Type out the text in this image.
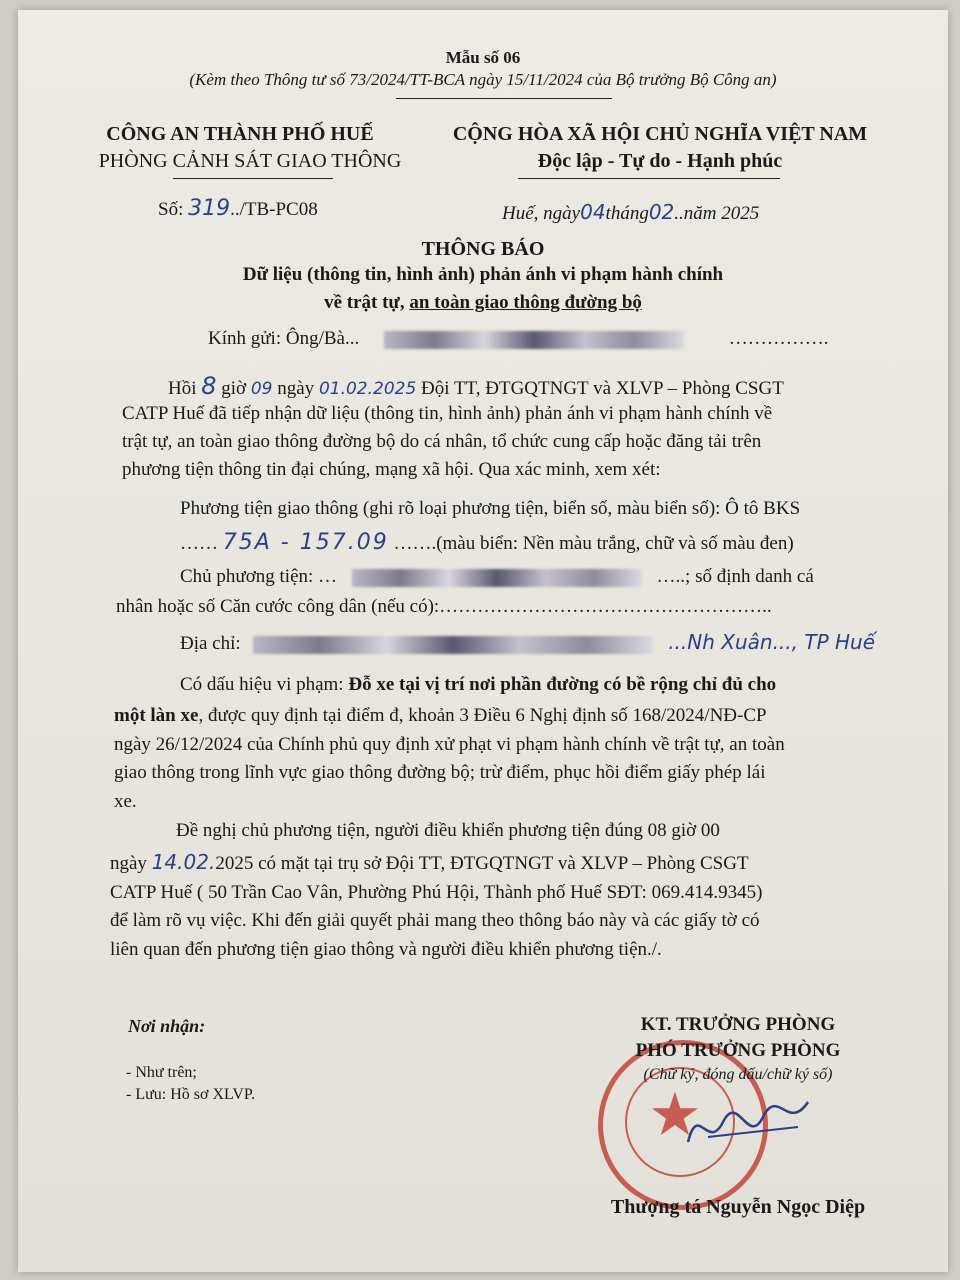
Mẫu số 06
(Kèm theo Thông tư số 73/2024/TT-BCA ngày 15/11/2024 của Bộ trưởng Bộ Công an)
CÔNG AN THÀNH PHỐ HUẾ
PHÒNG CẢNH SÁT GIAO THÔNG
Số: 319../TB-PC08
CỘNG HÒA XÃ HỘI CHỦ NGHĨA VIỆT NAM
Độc lập - Tự do - Hạnh phúc
Huế, ngày04tháng02..năm 2025
THÔNG BÁO
Dữ liệu (thông tin, hình ảnh) phản ánh vi phạm hành chính
về trật tự, an toàn giao thông đường bộ
Kính gửi: Ông/Bà...	…………….
Hồi 8 giờ 09 ngày 01.02.2025 Đội TT, ĐTGQTNGT và XLVP – Phòng CSGT
CATP Huế đã tiếp nhận dữ liệu (thông tin, hình ảnh) phản ánh vi phạm hành chính về
trật tự, an toàn giao thông đường bộ do cá nhân, tổ chức cung cấp hoặc đăng tải trên
phương tiện thông tin đại chúng, mạng xã hội. Qua xác minh, xem xét:
Phương tiện giao thông (ghi rõ loại phương tiện, biển số, màu biển số): Ô tô BKS
…… 75A - 157.09 …….(màu biển: Nền màu trắng, chữ và số màu đen)
Chủ phương tiện: …	…..; số định danh cá
nhân hoặc số Căn cước công dân (nếu có):……………………………………………..
Địa chỉ:	...Nh Xuân..., TP Huế
Có dấu hiệu vi phạm: Đỗ xe tại vị trí nơi phần đường có bề rộng chỉ đủ cho
một làn xe, được quy định tại điểm đ, khoản 3 Điều 6 Nghị định số 168/2024/NĐ-CP
ngày 26/12/2024 của Chính phủ quy định xử phạt vi phạm hành chính về trật tự, an toàn
giao thông trong lĩnh vực giao thông đường bộ; trừ điểm, phục hồi điểm giấy phép lái
xe.
Đề nghị chủ phương tiện, người điều khiển phương tiện đúng 08 giờ 00
ngày 14.02.2025 có mặt tại trụ sở Đội TT, ĐTGQTNGT và XLVP – Phòng CSGT
CATP Huế ( 50 Trần Cao Vân, Phường Phú Hội, Thành phố Huế SĐT: 069.414.9345)
để làm rõ vụ việc. Khi đến giải quyết phải mang theo thông báo này và các giấy tờ có
liên quan đến phương tiện giao thông và người điều khiển phương tiện./.
Nơi nhận:
- Như trên;
- Lưu: Hồ sơ XLVP.	★
KT. TRƯỞNG PHÒNG
PHÓ TRƯỞNG PHÒNG
(Chữ ký, đóng dấu/chữ ký số)
Thượng tá Nguyễn Ngọc Diệp
